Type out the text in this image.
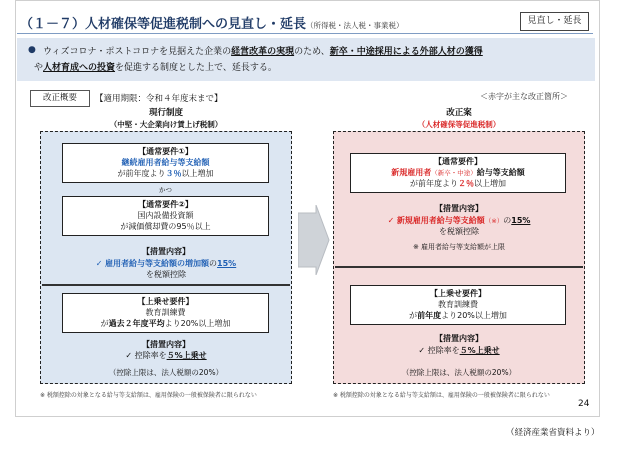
（１－７）人材確保等促進税制への見直し・延長（所得税・法人税・事業税）	見直し・延長
● ウィズコロナ・ポストコロナを見据えた企業の経営改革の実現のため、新卒・中途採用による外部人材の獲得
や人材育成への投資を促進する制度とした上で、延長する。
改正概要	【適用期限：令和４年度末まで】	＜赤字が主な改正箇所＞
現行制度
（中堅・大企業向け賃上げ税制）
【通常要件①】
継続雇用者給与等支給額
が前年度より３％以上増加
かつ
【通常要件②】
国内設備投資額
が減価償却費の95％以上
【措置内容】
✓ 雇用者給与等支給額の増加額の15%
を税額控除
【上乗せ要件】
教育訓練費
が過去２年度平均より20%以上増加
【措置内容】
✓ 控除率を５%上乗せ
（控除上限は、法人税額の20%）
※ 税額控除の対象となる給与等支給額は、雇用保険の一般被保険者に限られない
改正案
（人材確保等促進税制）
【通常要件】
新規雇用者（新卒・中途）給与等支給額
が前年度より２％以上増加
【措置内容】
✓ 新規雇用者給与等支給額（※）の15%
を税額控除
※ 雇用者給与等支給額が上限
【上乗せ要件】
教育訓練費
が前年度より20%以上増加
【措置内容】
✓ 控除率を５%上乗せ
（控除上限は、法人税額の20%）
※ 税額控除の対象となる給与等支給額は、雇用保険の一般被保険者に限られない
24
（経済産業省資料より）
